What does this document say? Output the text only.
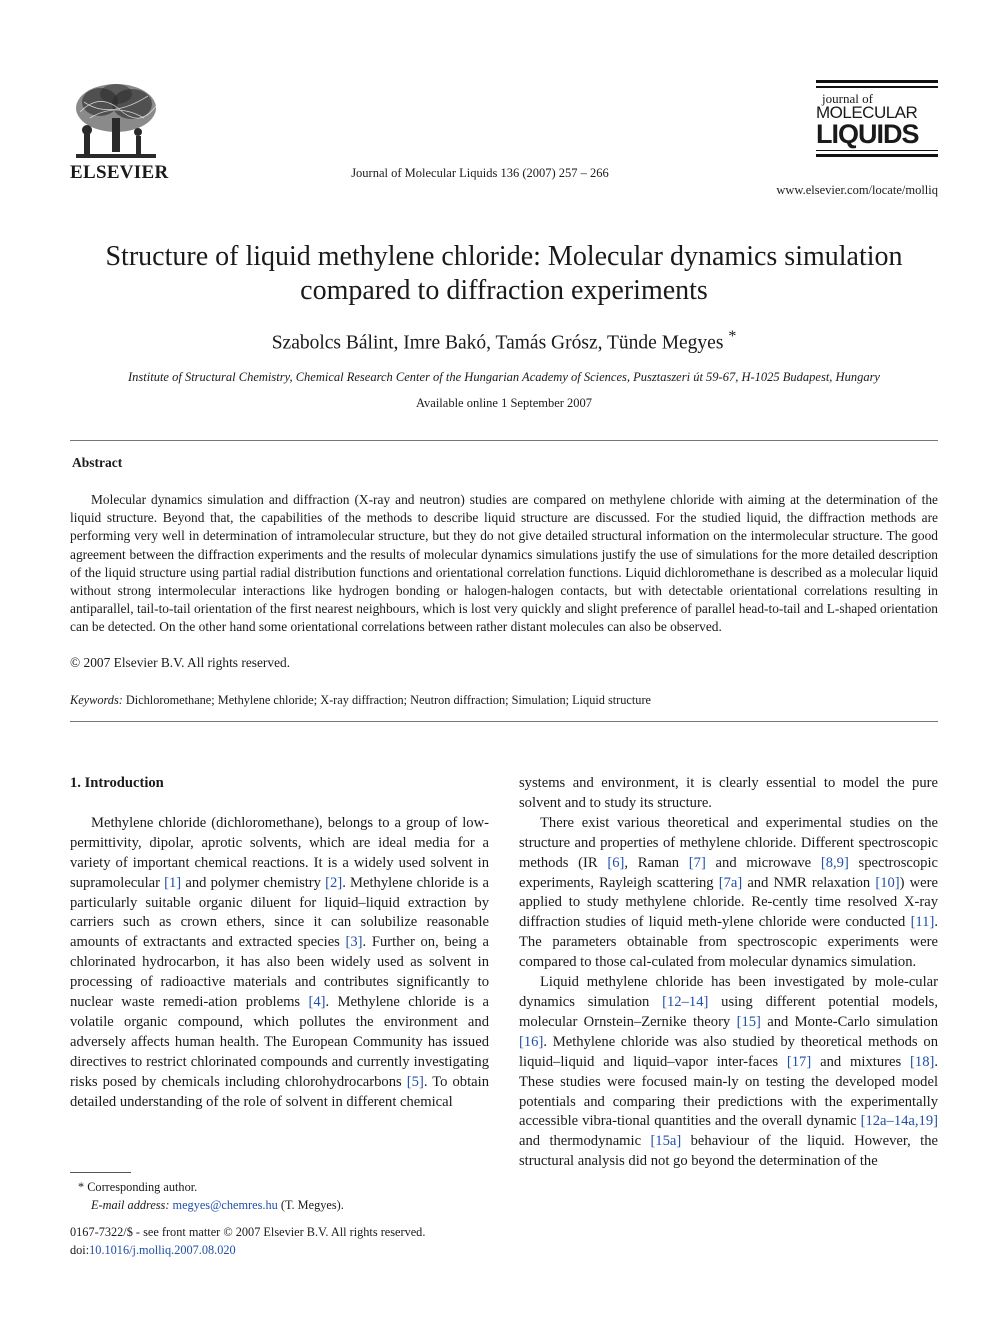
ELSEVIER	Journal of Molecular Liquids 136 (2007) 257 – 266
journal of
MOLECULAR
LIQUIDS
www.elsevier.com/locate/molliq
Structure of liquid methylene chloride: Molecular dynamics simulation
compared to diffraction experiments
Szabolcs Bálint, Imre Bakó, Tamás Grósz, Tünde Megyes *
Institute of Structural Chemistry, Chemical Research Center of the Hungarian Academy of Sciences, Pusztaszeri út 59-67, H-1025 Budapest, Hungary
Available online 1 September 2007
Abstract
Molecular dynamics simulation and diffraction (X-ray and neutron) studies are compared on methylene chloride with aiming at the determination of the liquid structure. Beyond that, the capabilities of the methods to describe liquid structure are discussed. For the studied liquid, the diffraction methods are performing very well in determination of intramolecular structure, but they do not give detailed structural information on the intermolecular structure. The good agreement between the diffraction experiments and the results of molecular dynamics simulations justify the use of simulations for the more detailed description of the liquid structure using partial radial distribution functions and orientational correlation functions. Liquid dichloromethane is described as a molecular liquid without strong intermolecular interactions like hydrogen bonding or halogen-halogen contacts, but with detectable orientational correlations resulting in antiparallel, tail-to-tail orientation of the first nearest neighbours, which is lost very quickly and slight preference of parallel head-to-tail and L-shaped orientation can be detected. On the other hand some orientational correlations between rather distant molecules can also be observed.
© 2007 Elsevier B.V. All rights reserved.
Keywords: Dichloromethane; Methylene chloride; X-ray diffraction; Neutron diffraction; Simulation; Liquid structure

1. Introduction

Methylene chloride (dichloromethane), belongs to a group of low-permittivity, dipolar, aprotic solvents, which are ideal media for a variety of important chemical reactions. It is a widely used solvent in supramolecular [1] and polymer chemistry [2]. Methylene chloride is a particularly suitable organic diluent for liquid–liquid extraction by carriers such as crown ethers, since it can solubilize reasonable amounts of extractants and extracted species [3]. Further on, being a chlorinated hydrocarbon, it has also been widely used as solvent in processing of radioactive materials and contributes significantly to nuclear waste remedi-ation problems [4]. Methylene chloride is a volatile organic compound, which pollutes the environment and adversely affects human health. The European Community has issued directives to restrict chlorinated compounds and currently investigating risks posed by chemicals including chlorohydrocarbons [5]. To obtain detailed understanding of the role of solvent in different chemical

systems and environment, it is clearly essential to model the pure solvent and to study its structure.

There exist various theoretical and experimental studies on the structure and properties of methylene chloride. Different spectroscopic methods (IR [6], Raman [7] and microwave [8,9] spectroscopic experiments, Rayleigh scattering [7a] and NMR relaxation [10]) were applied to study methylene chloride. Re-cently time resolved X-ray diffraction studies of liquid meth-ylene chloride were conducted [11]. The parameters obtainable from spectroscopic experiments were compared to those cal-culated from molecular dynamics simulation.

Liquid methylene chloride has been investigated by mole-cular dynamics simulation [12–14] using different potential models, molecular Ornstein–Zernike theory [15] and Monte-Carlo simulation [16]. Methylene chloride was also studied by theoretical methods on liquid–liquid and liquid–vapor inter-faces [17] and mixtures [18]. These studies were focused main-ly on testing the developed model potentials and comparing their predictions with the experimentally accessible vibra-tional quantities and the overall dynamic [12a–14a,19] and thermodynamic [15a] behaviour of the liquid. However, the structural analysis did not go beyond the determination of the

* Corresponding author.
E-mail address: megyes@chemres.hu (T. Megyes).
0167-7322/$ - see front matter © 2007 Elsevier B.V. All rights reserved.
doi:10.1016/j.molliq.2007.08.020
